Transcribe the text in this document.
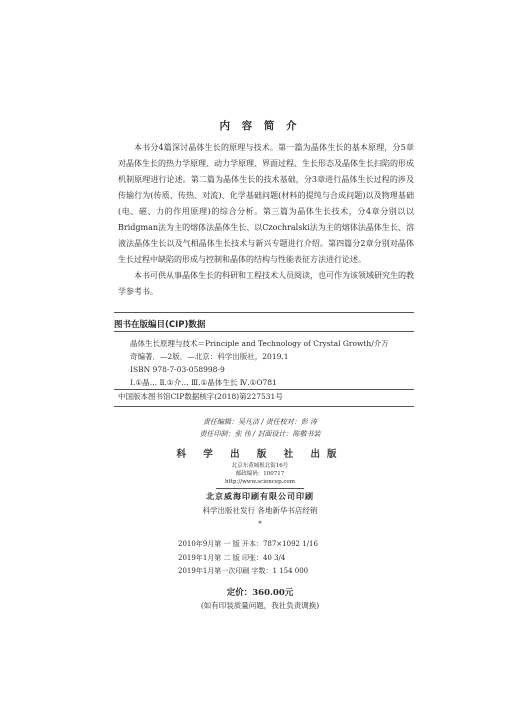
内 容 简 介

本书分4篇深讨晶体生长的原理与技术。第一篇为晶体生长的基本原理，分5章对晶体生长的热力学原理、动力学原理、界面过程、生长形态及晶体生长扫陷的形成机制原理进行论述。第二篇为晶体生长的技术基础，分3章进行晶体生长过程的涉及传输行为(传质、传热、对流)、化学基础问题(材料的提纯与合成问题)以及物理基础(电、磁、力的作用原理)的综合分析。第三篇为晶体生长技术，分4章分别以以Bridgman法为主的熔体法晶体生长、以Czochralski法为主的熔体法晶体生长、溶液法晶体生长以及气相晶体生长技术与新兴专题进行介绍。第四篇分2章分别对晶体生长过程中缺陷的形成与控制和晶体的结构与性能表征方法进行论述。

本书可供从事晶体生长的科研和工程技术人员阅读，也可作为该领域研究生的教学参考书。

图书在版编目(CIP)数据
晶体生长原理与技术＝Principle and Technology of Crystal Growth/介万
奇编著．—2版．—北京：科学出版社，2019.1
ISBN 978-7-03-058998-9
Ⅰ.①晶… Ⅱ.①介… Ⅲ.①晶体生长 Ⅳ.①O781
中国版本图书馆CIP数据核字(2018)第227531号
责任编辑：吴凡洁 / 责任校对：彭 涛
责任印制：张 伟 / 封面设计：陈敬书装
科 学 出 版 社 出版
北京东黄城根北街16号
邮政编码：100717
http://www.sciencep.com
北京威海印刷有限公司印刷
科学出版社发行 各地新华书店经销
*
2010年9月第 一 版 开本：787×1092 1/16
2019年1月第 二 版 印张：40 3/4
2019年1月第一次印刷 字数：1 154 000
定价：360.00元
(如有印装质量问题，我社负责调换)
